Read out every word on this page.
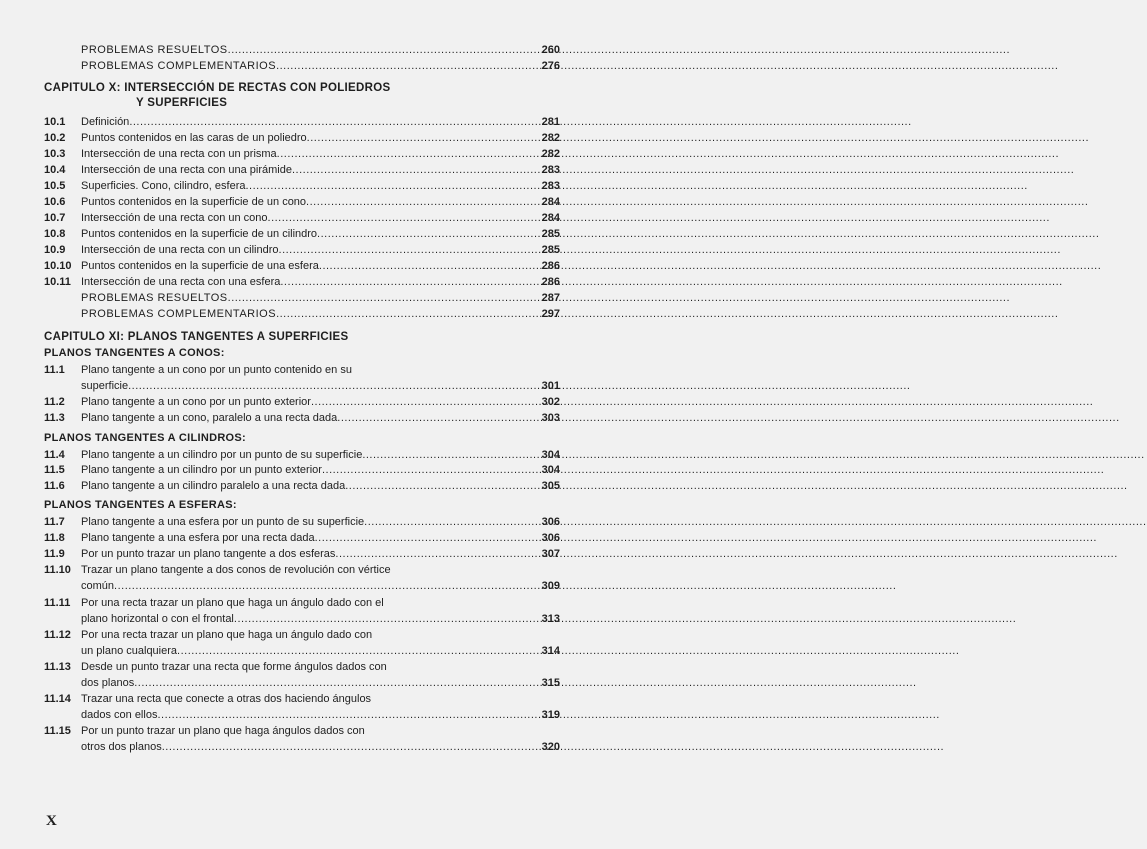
PROBLEMAS RESUELTOS .....	260
PROBLEMAS COMPLEMENTARIOS .....	276
CAPITULO X: INTERSECCIÓN DE RECTAS CON POLIEDROS
Y SUPERFICIES
10.1	Definición .....	281
10.2	Puntos contenidos en las caras de un poliedro .....	282
10.3	Intersección de una recta con un prisma .....	282
10.4	Intersección de una recta con una pirámide .....	283
10.5	Superficies. Cono, cilindro, esfera .....	283
10.6	Puntos contenidos en la superficie de un cono .....	284
10.7	Intersección de una recta con un cono .....	284
10.8	Puntos contenidos en la superficie de un cilindro .....	285
10.9	Intersección de una recta con un cilindro .....	285
10.10 Puntos contenidos en la superficie de una esfera .....	286
10.11 Intersección de una recta con una esfera .....	286
PROBLEMAS RESUELTOS .....	287
PROBLEMAS COMPLEMENTARIOS .....	297
CAPITULO XI: PLANOS TANGENTES A SUPERFICIES
PLANOS TANGENTES A CONOS:
11.1	Plano tangente a un cono por un punto contenido en su
superficie .....	301
11.2	Plano tangente a un cono por un punto exterior .....	302
11.3	Plano tangente a un cono, paralelo a una recta dada .....	303
PLANOS TANGENTES A CILINDROS:
11.4	Plano tangente a un cilindro por un punto de su superficie .....	304
11.5	Plano tangente a un cilindro por un punto exterior .....	304
11.6	Plano tangente a un cilindro paralelo a una recta dada .....	305
PLANOS TANGENTES A ESFERAS:
11.7	Plano tangente a una esfera por un punto de su superficie .....	306
11.8	Plano tangente a una esfera por una recta dada .....	306
11.9	Por un punto trazar un plano tangente a dos esferas .....	307
11.10 Trazar un plano tangente a dos conos de revolución con vértice
común .....	309
11.11 Por una recta trazar un plano que haga un ángulo dado con el
plano horizontal o con el frontal .....	313
11.12 Por una recta trazar un plano que haga un ángulo dado con
un plano cualquiera .....	314
11.13 Desde un punto trazar una recta que forme ángulos dados con
dos planos .....	315
11.14 Trazar una recta que conecte a otras dos haciendo ángulos
dados con ellos .....	319
11.15 Por un punto trazar un plano que haga ángulos dados con
otros dos planos .....	320
X
